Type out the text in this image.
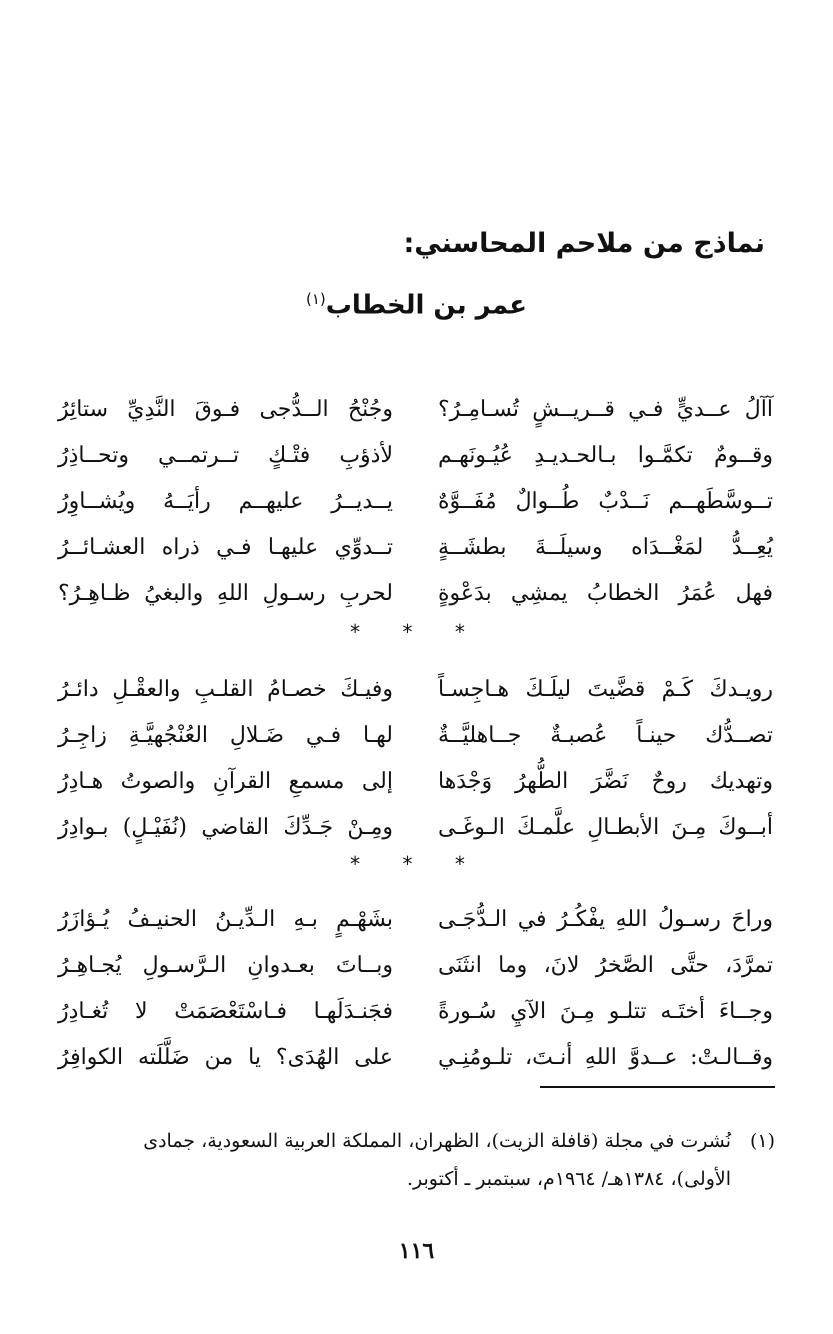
نماذج من ملاحم المحاسني:
عمر بن الخطاب$^{(١)}$
آآلُ عــديٍّ فـي قــريــشٍ تُسـامِـرُ؟
وجُنْحُ الــدُّجى فـوقَ النَّدِيِّ ستائِرُ
وقــومٌ تكمَّـوا بـالحـديـدِ عُيُـونَهـم
لأذؤبِ فتْـكٍ تــرتمــي وتحــاذِرُ
تــوسَّطَهــم نَــدْبٌ طُــوالٌ مُفَــوَّهٌ
يــديــرُ عليهــم رأيَــهُ ويُشــاوِرُ
يُعِــدُّ لمَغْــدَاه وسيلَــةَ بطشَــةٍ
تــدوِّي عليهـا فـي ذراه العشـائــرُ
فهل عُمَرُ الخطابُ يمشِي بدَعْوةٍ
لحربِ رسـولِ اللهِ والبغيُ ظـاهِـرُ؟
* * *
رويـدكَ كَـمْ قضَّيتَ ليلَـكَ هـاجِسـاً
وفيـكَ خصـامُ القلـبِ والعقْـلِ دائـرُ
تصــدُّك حينـاً عُصبـةٌ جــاهليَّــةٌ
لهـا فـي ضَـلالِ العُنْجُهيَّـةِ زاجِـرُ
وتهديك روحٌ نَضَّرَ الطُّهرُ وَجْدَها
إلى مسمعِ القرآنِ والصوتُ هـادِرُ
أبــوكَ مِـنَ الأبطـالِ علَّمـكَ الـوغَـى
ومِـنْ جَـدِّكَ القاضي (نُفَيْـلٍ) بـوادِرُ
* * *
وراحَ رسـولُ اللهِ يفْكُـرُ في الـدُّجَـى
بشَهْـمٍ بـهِ الـدِّيـنُ الحنيـفُ يُـؤازَرُ
تمرَّدَ، حتَّى الصَّخرُ لانَ، وما انثَنَى
وبــاتَ بعـدوانِ الـرَّسـولِ يُجـاهِـرُ
وجــاءَ أختَـه تتلـو مِـنَ الآيِ سُـورةً
فجَنـدَلَهـا فـاسْتَعْصَمَتْ لا تُغـادِرُ
وقــالـتْ: عــدوَّ اللهِ أنـتَ، تلـومُنِـي
على الهُدَى؟ يا من ضَلَّلَته الكوافِرُ
(١)نُشرت في مجلة (قافلة الزيت)، الظهران، المملكة العربية السعودية، جمادى
الأولى)، ١٣٨٤هـ/ ١٩٦٤م، سبتمبر ـ أكتوبر.
١١٦
